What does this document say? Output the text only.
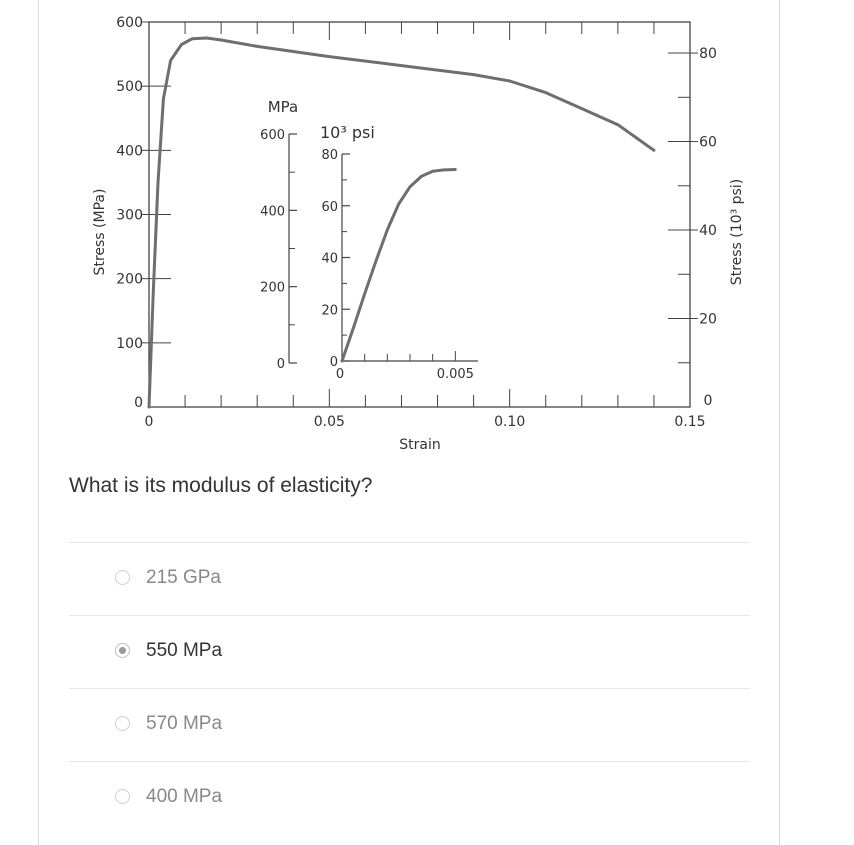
0	0.05	0.10	0.15
Strain
0
100
200
300
400
500
600
Stress (MPa)
0
20
40
60
80
Stress (10³ psi)
0
200
400
600
MPa
0
20
40
60
80
10³ psi
0	0.005
What is its modulus of elasticity?
215 GPa
550 MPa
570 MPa
400 MPa
